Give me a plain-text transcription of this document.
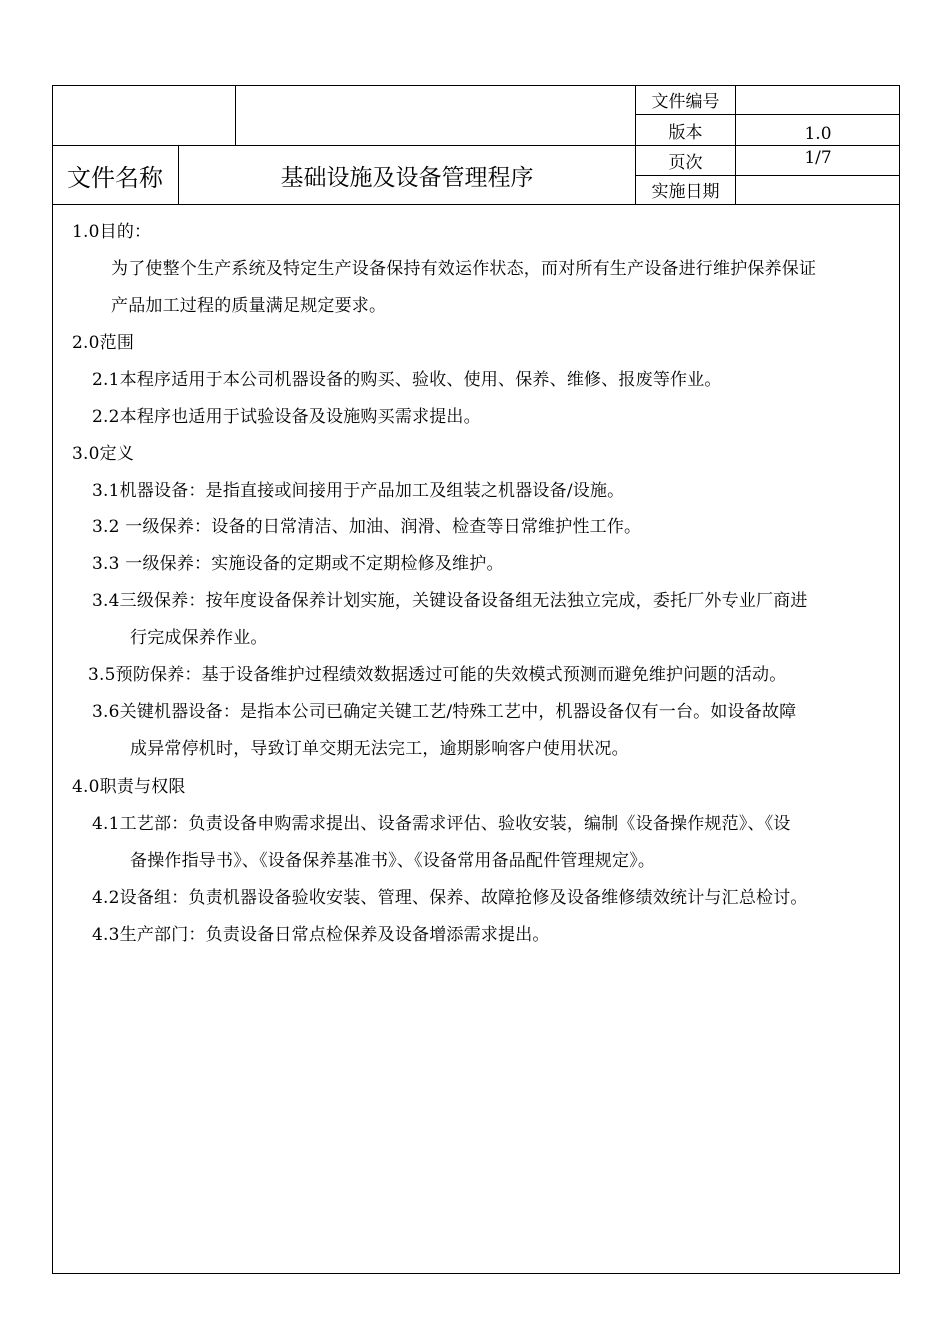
文件名称	基础设施及设备管理程序
文件编号
版本	1.0
页次	1/7
实施日期
1.0目的：
为了使整个生产系统及特定生产设备保持有效运作状态，而对所有生产设备进行维护保养保证
产品加工过程的质量满足规定要求。
2.0范围
2.1本程序适用于本公司机器设备的购买、验收、使用、保养、维修、报废等作业。
2.2本程序也适用于试验设备及设施购买需求提出。
3.0定义
3.1机器设备：是指直接或间接用于产品加工及组装之机器设备/设施。
3.2 一级保养：设备的日常清洁、加油、润滑、检查等日常维护性工作。
3.3 一级保养：实施设备的定期或不定期检修及维护。
3.4三级保养：按年度设备保养计划实施，关键设备设备组无法独立完成，委托厂外专业厂商进
行完成保养作业。
3.5预防保养：基于设备维护过程绩效数据透过可能的失效模式预测而避免维护问题的活动。
3.6关键机器设备：是指本公司已确定关键工艺/特殊工艺中，机器设备仅有一台。如设备故障
成异常停机时，导致订单交期无法完工，逾期影响客户使用状况。
4.0职责与权限
4.1工艺部：负责设备申购需求提出、设备需求评估、验收安装，编制《设备操作规范》、《设
备操作指导书》、《设备保养基准书》、《设备常用备品配件管理规定》。
4.2设备组：负责机器设备验收安装、管理、保养、故障抢修及设备维修绩效统计与汇总检讨。
4.3生产部门：负责设备日常点检保养及设备增添需求提出。
